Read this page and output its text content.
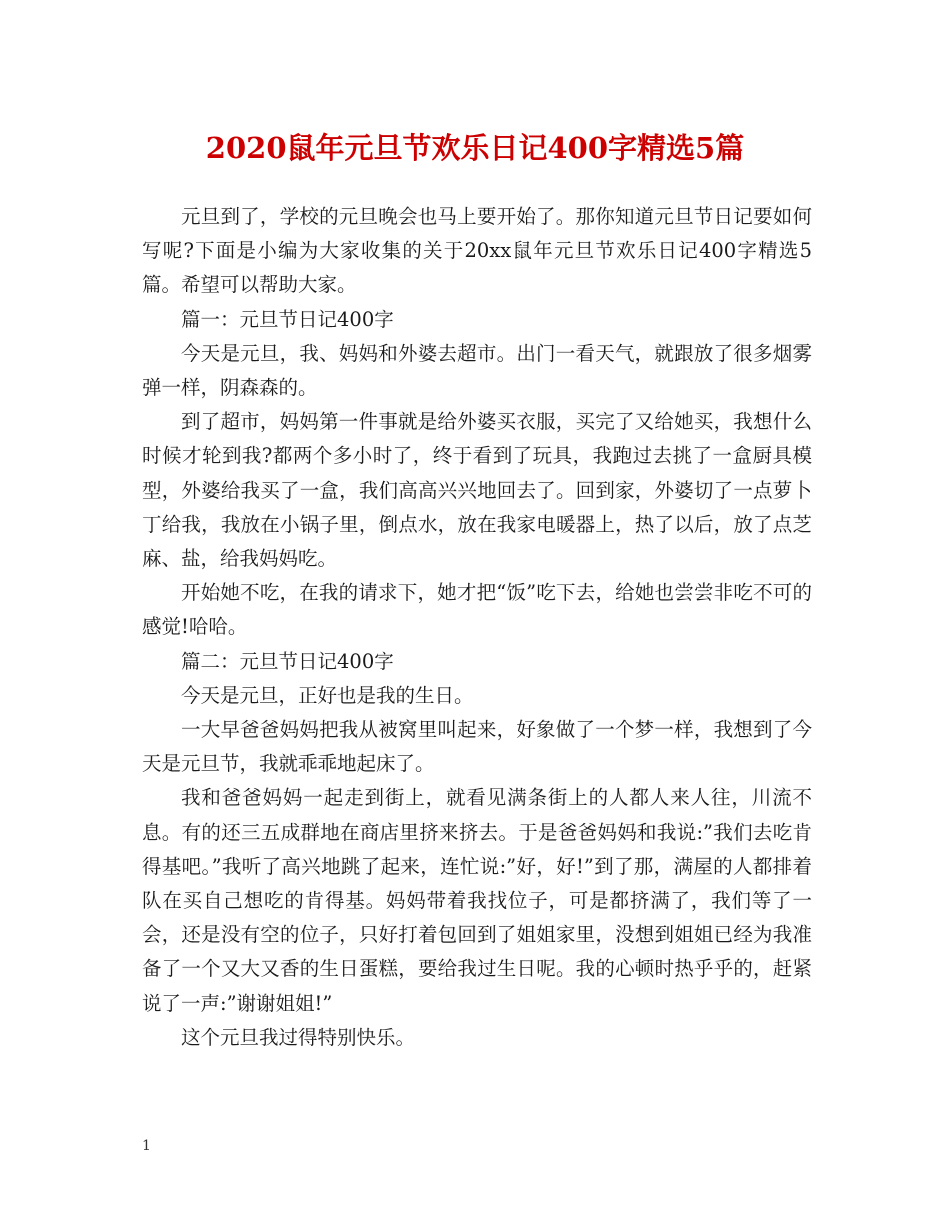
2020鼠年元旦节欢乐日记400字精选5篇

元旦到了，学校的元旦晚会也马上要开始了。那你知道元旦节日记要如何写呢?下面是小编为大家收集的关于20xx鼠年元旦节欢乐日记400字精选5篇。希望可以帮助大家。

篇一：元旦节日记400字

今天是元旦，我、妈妈和外婆去超市。出门一看天气，就跟放了很多烟雾弹一样，阴森森的。

到了超市，妈妈第一件事就是给外婆买衣服，买完了又给她买，我想什么时候才轮到我?都两个多小时了，终于看到了玩具，我跑过去挑了一盒厨具模型，外婆给我买了一盒，我们高高兴兴地回去了。回到家，外婆切了一点萝卜丁给我，我放在小锅子里，倒点水，放在我家电暖器上，热了以后，放了点芝麻、盐，给我妈妈吃。

开始她不吃，在我的请求下，她才把“饭”吃下去，给她也尝尝非吃不可的感觉!哈哈。

篇二：元旦节日记400字

今天是元旦，正好也是我的生日。

一大早爸爸妈妈把我从被窝里叫起来，好象做了一个梦一样，我想到了今天是元旦节，我就乖乖地起床了。

我和爸爸妈妈一起走到街上，就看见满条街上的人都人来人往，川流不息。有的还三五成群地在商店里挤来挤去。于是爸爸妈妈和我说:”我们去吃肯得基吧。”我听了高兴地跳了起来，连忙说:”好，好!”到了那，满屋的人都排着队在买自己想吃的肯得基。妈妈带着我找位子，可是都挤满了，我们等了一会，还是没有空的位子，只好打着包回到了姐姐家里，没想到姐姐已经为我准备了一个又大又香的生日蛋糕，要给我过生日呢。我的心顿时热乎乎的，赶紧说了一声:”谢谢姐姐!”

这个元旦我过得特别快乐。

1
